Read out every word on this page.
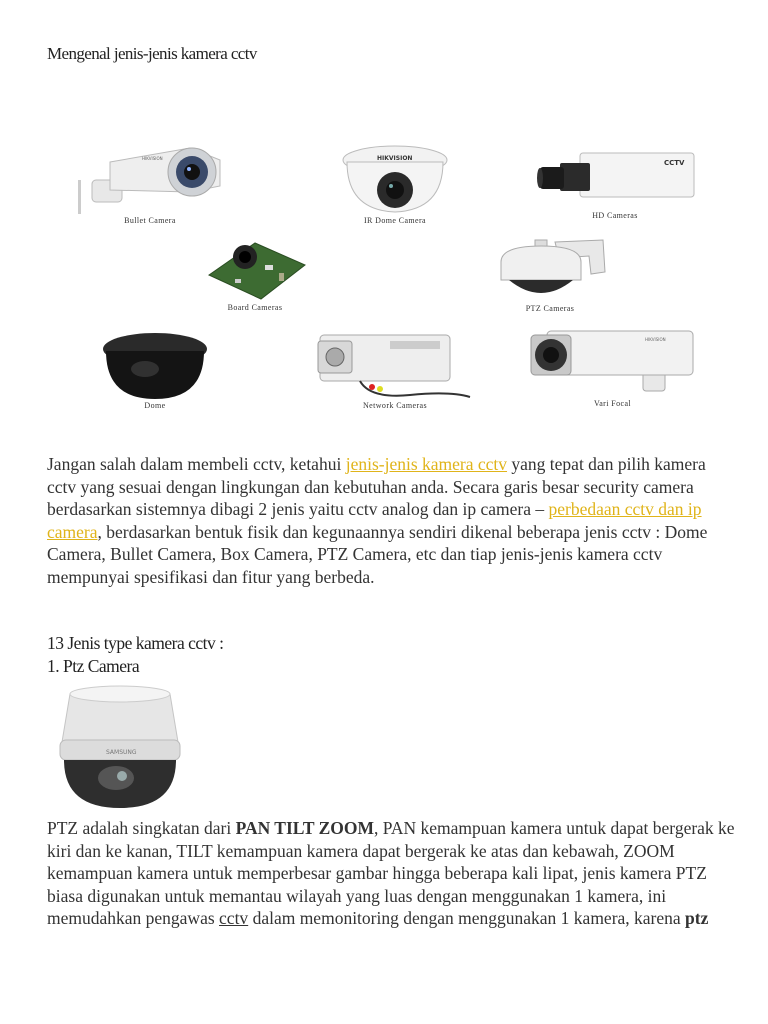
Mengenal jenis-jenis kamera cctv
HIKVISION
Bullet Camera
HIKVISION
IR Dome Camera
CCTV
HD Cameras
Board Cameras	PTZ Cameras
Dome	Network Cameras
HIKVISION
Vari Focal
Jangan salah dalam membeli cctv, ketahui jenis-jenis kamera cctv yang tepat dan pilih kamera cctv yang sesuai dengan lingkungan dan kebutuhan anda. Secara garis besar security camera berdasarkan sistemnya dibagi 2 jenis yaitu cctv analog dan ip camera – perbedaan cctv dan ip camera, berdasarkan bentuk fisik dan kegunaannya sendiri dikenal beberapa jenis cctv : Dome Camera, Bullet Camera, Box Camera, PTZ Camera, etc dan tiap jenis-jenis kamera cctv mempunyai spesifikasi dan fitur yang berbeda.
13 Jenis type kamera cctv :
1. Ptz Camera
SAMSUNG
PTZ adalah singkatan dari PAN TILT ZOOM, PAN kemampuan kamera untuk dapat bergerak ke kiri dan ke kanan, TILT kemampuan kamera dapat bergerak ke atas dan kebawah, ZOOM kemampuan kamera untuk memperbesar gambar hingga beberapa kali lipat, jenis kamera PTZ biasa digunakan untuk memantau wilayah yang luas dengan menggunakan 1 kamera, ini memudahkan pengawas cctv dalam memonitoring dengan menggunakan 1 kamera, karena ptz
